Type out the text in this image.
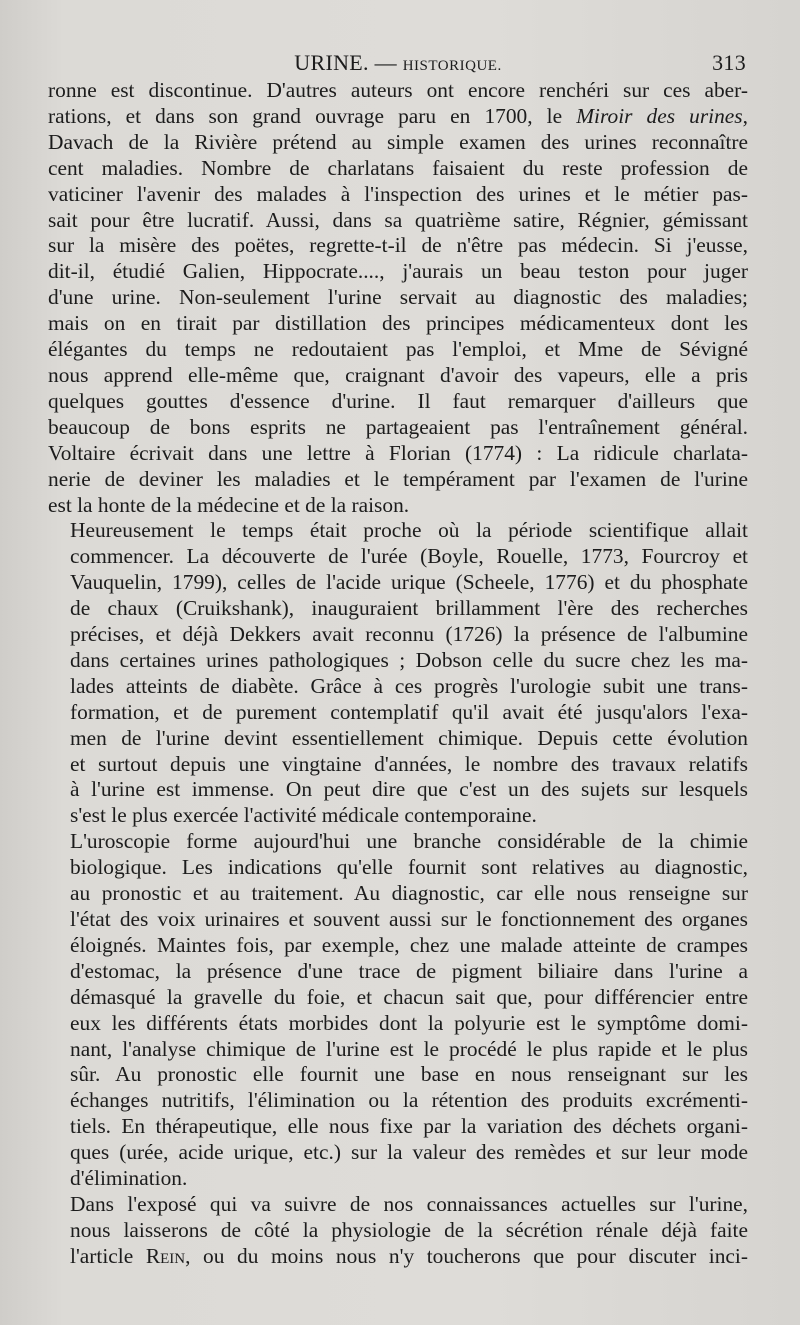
URINE. — HISTORIQUE.	313

ronne est discontinue. D'autres auteurs ont encore renchéri sur ces aber-
rations, et dans son grand ouvrage paru en 1700, le Miroir des urines,
Davach de la Rivière prétend au simple examen des urines reconnaître
cent maladies. Nombre de charlatans faisaient du reste profession de
vaticiner l'avenir des malades à l'inspection des urines et le métier pas-
sait pour être lucratif. Aussi, dans sa quatrième satire, Régnier, gémissant
sur la misère des poëtes, regrette-t-il de n'être pas médecin. Si j'eusse,
dit-il, étudié Galien, Hippocrate...., j'aurais un beau teston pour juger
d'une urine. Non-seulement l'urine servait au diagnostic des maladies;
mais on en tirait par distillation des principes médicamenteux dont les
élégantes du temps ne redoutaient pas l'emploi, et Mme de Sévigné
nous apprend elle-même que, craignant d'avoir des vapeurs, elle a pris
quelques gouttes d'essence d'urine. Il faut remarquer d'ailleurs que
beaucoup de bons esprits ne partageaient pas l'entraînement général.
Voltaire écrivait dans une lettre à Florian (1774) : La ridicule charlata-
nerie de deviner les maladies et le tempérament par l'examen de l'urine
est la honte de la médecine et de la raison.

Heureusement le temps était proche où la période scientifique allait
commencer. La découverte de l'urée (Boyle, Rouelle, 1773, Fourcroy et
Vauquelin, 1799), celles de l'acide urique (Scheele, 1776) et du phosphate
de chaux (Cruikshank), inauguraient brillamment l'ère des recherches
précises, et déjà Dekkers avait reconnu (1726) la présence de l'albumine
dans certaines urines pathologiques ; Dobson celle du sucre chez les ma-
lades atteints de diabète. Grâce à ces progrès l'urologie subit une trans-
formation, et de purement contemplatif qu'il avait été jusqu'alors l'exa-
men de l'urine devint essentiellement chimique. Depuis cette évolution
et surtout depuis une vingtaine d'années, le nombre des travaux relatifs
à l'urine est immense. On peut dire que c'est un des sujets sur lesquels
s'est le plus exercée l'activité médicale contemporaine.

L'uroscopie forme aujourd'hui une branche considérable de la chimie
biologique. Les indications qu'elle fournit sont relatives au diagnostic,
au pronostic et au traitement. Au diagnostic, car elle nous renseigne sur
l'état des voix urinaires et souvent aussi sur le fonctionnement des organes
éloignés. Maintes fois, par exemple, chez une malade atteinte de crampes
d'estomac, la présence d'une trace de pigment biliaire dans l'urine a
démasqué la gravelle du foie, et chacun sait que, pour différencier entre
eux les différents états morbides dont la polyurie est le symptôme domi-
nant, l'analyse chimique de l'urine est le procédé le plus rapide et le plus
sûr. Au pronostic elle fournit une base en nous renseignant sur les
échanges nutritifs, l'élimination ou la rétention des produits excrémenti-
tiels. En thérapeutique, elle nous fixe par la variation des déchets organi-
ques (urée, acide urique, etc.) sur la valeur des remèdes et sur leur mode
d'élimination.

Dans l'exposé qui va suivre de nos connaissances actuelles sur l'urine,
nous laisserons de côté la physiologie de la sécrétion rénale déjà faite
l'article Rein, ou du moins nous n'y toucherons que pour discuter inci-
